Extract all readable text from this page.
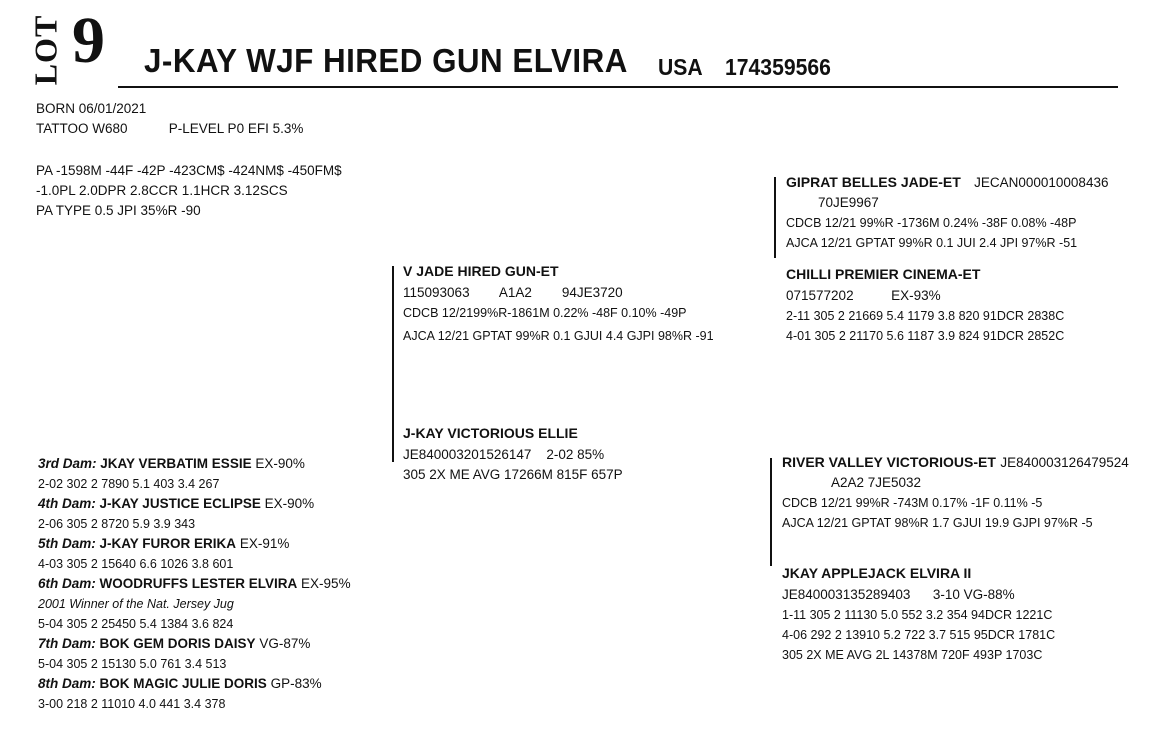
LOT 9 J-KAY WJF HIRED GUN ELVIRA USA 174359566
BORN 06/01/2021
TATTOO W680	P-LEVEL P0 EFI 5.3%
PA -1598M -44F -42P -423CM$ -424NM$ -450FM$
-1.0PL 2.0DPR 2.8CCR 1.1HCR 3.12SCS
PA TYPE 0.5 JPI 35%R -90
V JADE HIRED GUN-ET
115093063        A1A2        94JE3720
CDCB 12/2199%R-1861M 0.22% -48F 0.10% -49P
AJCA 12/21 GPTAT 99%R 0.1 GJUI 4.4 GJPI 98%R -91
J-KAY VICTORIOUS ELLIE
JE840003201526147    2-02 85%
305 2X ME AVG 17266M 815F 657P
GIPRAT BELLES JADE-ET JECAN000010008436
70JE9967
CDCB 12/21 99%R -1736M 0.24% -38F 0.08% -48P
AJCA 12/21 GPTAT 99%R 0.1 JUI 2.4 JPI 97%R -51
CHILLI PREMIER CINEMA-ET
071577202          EX-93%
2-11 305 2 21669 5.4 1179 3.8 820 91DCR 2838C
4-01 305 2 21170 5.6 1187 3.9 824 91DCR 2852C
RIVER VALLEY VICTORIOUS-ET JE840003126479524
A2A2 7JE5032
CDCB 12/21 99%R -743M 0.17% -1F 0.11% -5
AJCA 12/21 GPTAT 98%R 1.7 GJUI 19.9 GJPI 97%R -5
JKAY APPLEJACK ELVIRA II
JE840003135289403      3-10 VG-88%
1-11 305 2 11130 5.0 552 3.2 354 94DCR 1221C
4-06 292 2 13910 5.2 722 3.7 515 95DCR 1781C
305 2X ME AVG 2L 14378M 720F 493P 1703C
3rd Dam: JKAY VERBATIM ESSIE EX-90%
2-02 302 2 7890 5.1 403 3.4 267
4th Dam: J-KAY JUSTICE ECLIPSE EX-90%
2-06 305 2 8720 5.9 3.9 343
5th Dam: J-KAY FUROR ERIKA EX-91%
4-03 305 2 15640 6.6 1026 3.8 601
6th Dam: WOODRUFFS LESTER ELVIRA EX-95%
2001 Winner of the Nat. Jersey Jug
5-04 305 2 25450 5.4 1384 3.6 824
7th Dam: BOK GEM DORIS DAISY VG-87%
5-04 305 2 15130 5.0 761 3.4 513
8th Dam: BOK MAGIC JULIE DORIS GP-83%
3-00 218 2 11010 4.0 441 3.4 378
